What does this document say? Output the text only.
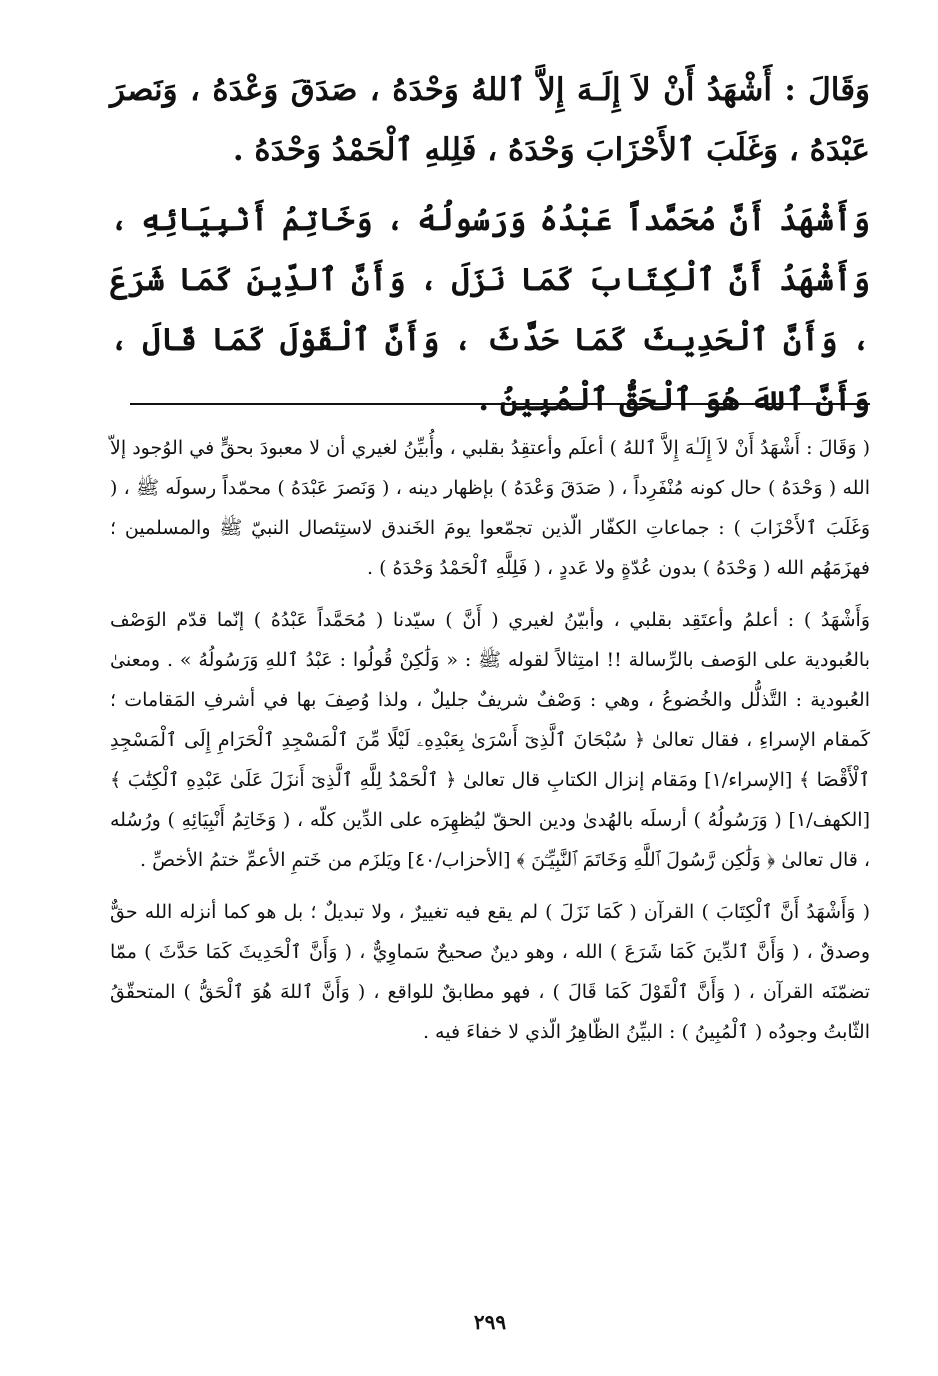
وَقَالَ : أَشْهَدُ أَنْ لاَ إِلَـهَ إِلاَّ ٱللهُ وَحْدَهُ ، صَدَقَ وَعْدَهُ ، وَنَصرَ عَبْدَهُ ، وَغَلَبَ ٱلأَحْزَابَ وَحْدَهُ ، فَلِلهِ ٱلْحَمْدُ وَحْدَهُ .

وَأَشْهَدُ أَنَّ مُحَمَّداً عَبْدُهُ وَرَسُولُهُ ، وَخَاتِمُ أَنْبِيَائِهِ ، وَأَشْهَدُ أَنَّ ٱلْكِتَابَ كَمَا نَزَلَ ، وَأَنَّ ٱلدِّينَ كَمَا شَرَعَ ، وَأَنَّ ٱلْحَدِيثَ كَمَا حَدَّثَ ، وَأَنَّ ٱلْقَوْلَ كَمَا قَالَ ، وَأَنَّ ٱللهَ هُوَ ٱلْحَقُّ ٱلْمُبِينُ .

( وَقَالَ : أَشْهَدُ أَنْ لاَ إِلَـٰهَ إِلاَّ ٱللهُ ) أعلَم وأعتقِدُ بقلبي ، وأُبيِّنُ لغيري أن لا معبودَ بحقٍّ في الوُجود إلاّ الله ( وَحْدَهُ ) حال كونه مُنْفَرِداً ، ( صَدَقَ وَعْدَهُ ) بإظهار دينه ، ( وَنَصرَ عَبْدَهُ ) محمّداً رسولَه ﷺ ، ( وَغَلَبَ ٱلأَحْزَابَ ) : جماعاتِ الكفّار الّذين تجمّعوا يومَ الخَندق لاستِئصال النبيّ ﷺ والمسلمين ؛ فهزَمَهُم الله ( وَحْدَهُ ) بدون عُدّةٍ ولا عَددٍ ، ( فَلِلَّهِ ٱلْحَمْدُ وَحْدَهُ ) .

وَأَشْهَدُ ) : أعلمُ وأعتَقِد بقلبي ، وأبيّنُ لغيري ( أَنَّ ) سيّدنا ( مُحَمَّداً عَبْدُهُ ) إنّما قدّم الوَصْف بالعُبودية على الوَصف بالرِّسالة !! امتِثالاً لقوله ﷺ : « وَلَٰكِنْ قُولُوا : عَبْدُ ٱللهِ وَرَسُولُهُ » . ومعنىٰ العُبودية : التَّذلُّل والخُضوعُ ، وهي : وَصْفٌ شريفٌ جليلٌ ، ولذا وُصِفَ بها في أشرفِ المَقامات ؛ كَمقام الإسراءِ ، فقال تعالىٰ ﴿ سُبْحَانَ ٱلَّذِىٓ أَسْرَىٰ بِعَبْدِهِۦ لَيْلًا مِّنَ ٱلْمَسْجِدِ ٱلْحَرَامِ إِلَى ٱلْمَسْجِدِ ٱلْأَقْصَا ﴾ [الإسراء/١] ومَقام إنزال الكتابِ قال تعالىٰ ﴿ ٱلْحَمْدُ لِلَّهِ ٱلَّذِىٓ أَنزَلَ عَلَىٰ عَبْدِهِ ٱلْكِتَٰبَ ﴾ [الكهف/١] ( وَرَسُولُهُ ) أرسلَه بالهُدىٰ ودين الحقّ ليُظهِرَه على الدِّين كلّه ، ( وَخَاتِمُ أَنْبِيَائِهِ ) ورُسُله ، قال تعالىٰ ﴿ وَلَٰكِن رَّسُولَ ٱللَّهِ وَخَاتَمَ ٱلنَّبِيِّـۧنَ ﴾ [الأحزاب/٤٠] ويَلزَم من خَتمِ الأعمِّ ختمُ الأخصِّ .

( وَأَشْهَدُ أَنَّ ٱلْكِتَابَ ) القرآن ( كَمَا نَزَلَ ) لم يقع فيه تغييرٌ ، ولا تبديلٌ ؛ بل هو كما أنزله الله حقٌّ وصدقٌ ، ( وَأَنَّ ٱلدِّينَ كَمَا شَرَعَ ) الله ، وهو دينٌ صحيحٌ سَماوِيٌّ ، ( وَأَنَّ ٱلْحَدِيثَ كَمَا حَدَّثَ ) ممّا تضمّنَه القرآن ، ( وَأَنَّ ٱلْقَوْلَ كَمَا قَالَ ) ، فهو مطابقٌ للواقع ، ( وَأَنَّ ٱللهَ هُوَ ٱلْحَقُّ ) المتحقّقُ الثّابتُ وجودُه ( ٱلْمُبِينُ ) : البيِّنُ الظّاهِرُ الّذي لا خفاءَ فيه .

٢٩٩
